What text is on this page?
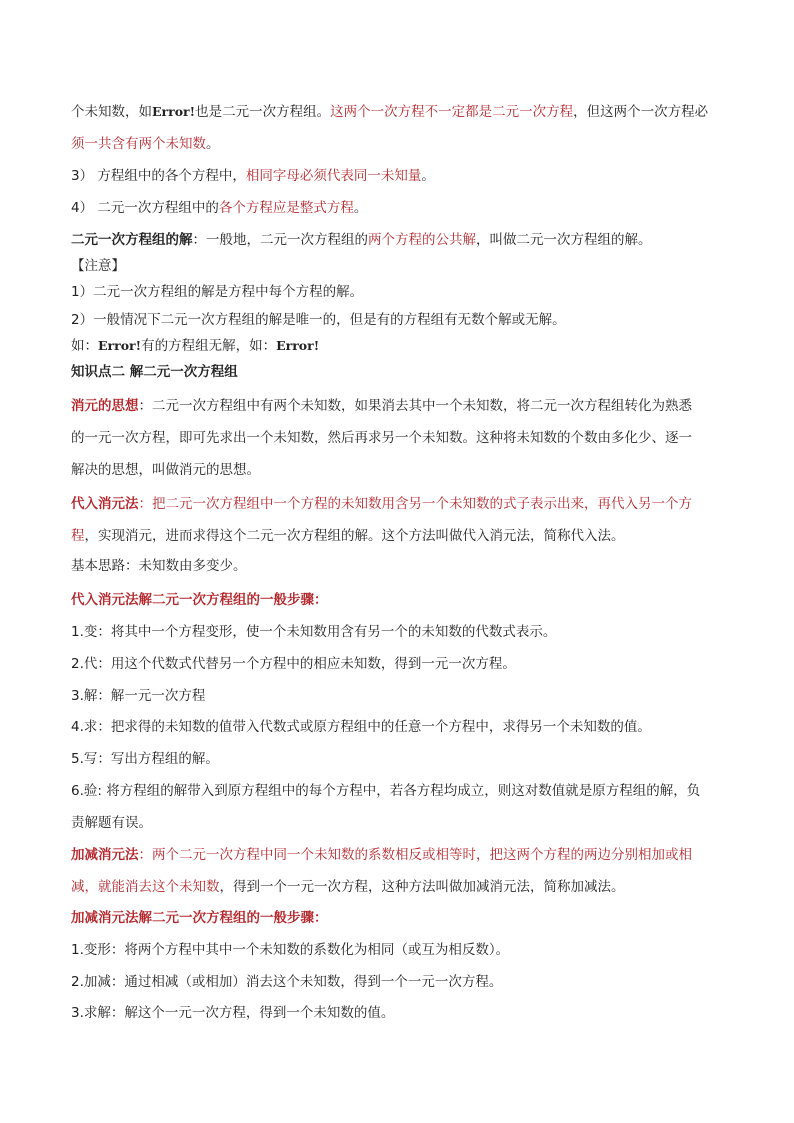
个未知数，如Error!也是二元一次方程组。这两个一次方程不一定都是二元一次方程，但这两个一次方程必
须一共含有两个未知数。
3） 方程组中的各个方程中，相同字母必须代表同一未知量。
4） 二元一次方程组中的各个方程应是整式方程。
二元一次方程组的解：一般地，二元一次方程组的两个方程的公共解，叫做二元一次方程组的解。
【注意】
1）二元一次方程组的解是方程中每个方程的解。
2）一般情况下二元一次方程组的解是唯一的，但是有的方程组有无数个解或无解。
如：Error!有的方程组无解，如：Error!
知识点二 解二元一次方程组
消元的思想：二元一次方程组中有两个未知数，如果消去其中一个未知数，将二元一次方程组转化为熟悉
的一元一次方程，即可先求出一个未知数，然后再求另一个未知数。这种将未知数的个数由多化少、逐一
解决的思想，叫做消元的思想。
代入消元法：把二元一次方程组中一个方程的未知数用含另一个未知数的式子表示出来，再代入另一个方
程，实现消元，进而求得这个二元一次方程组的解。这个方法叫做代入消元法，简称代入法。
基本思路：未知数由多变少。
代入消元法解二元一次方程组的一般步骤：
1.变：将其中一个方程变形，使一个未知数用含有另一个的未知数的代数式表示。
2.代：用这个代数式代替另一个方程中的相应未知数，得到一元一次方程。
3.解：解一元一次方程
4.求：把求得的未知数的值带入代数式或原方程组中的任意一个方程中，求得另一个未知数的值。
5.写：写出方程组的解。
6.验: 将方程组的解带入到原方程组中的每个方程中，若各方程均成立，则这对数值就是原方程组的解，负
责解题有误。
加减消元法：两个二元一次方程中同一个未知数的系数相反或相等时，把这两个方程的两边分别相加或相
减，就能消去这个未知数，得到一个一元一次方程，这种方法叫做加减消元法，简称加减法。
加减消元法解二元一次方程组的一般步骤：
1.变形：将两个方程中其中一个未知数的系数化为相同（或互为相反数）。
2.加减：通过相减（或相加）消去这个未知数，得到一个一元一次方程。
3.求解：解这个一元一次方程，得到一个未知数的值。
